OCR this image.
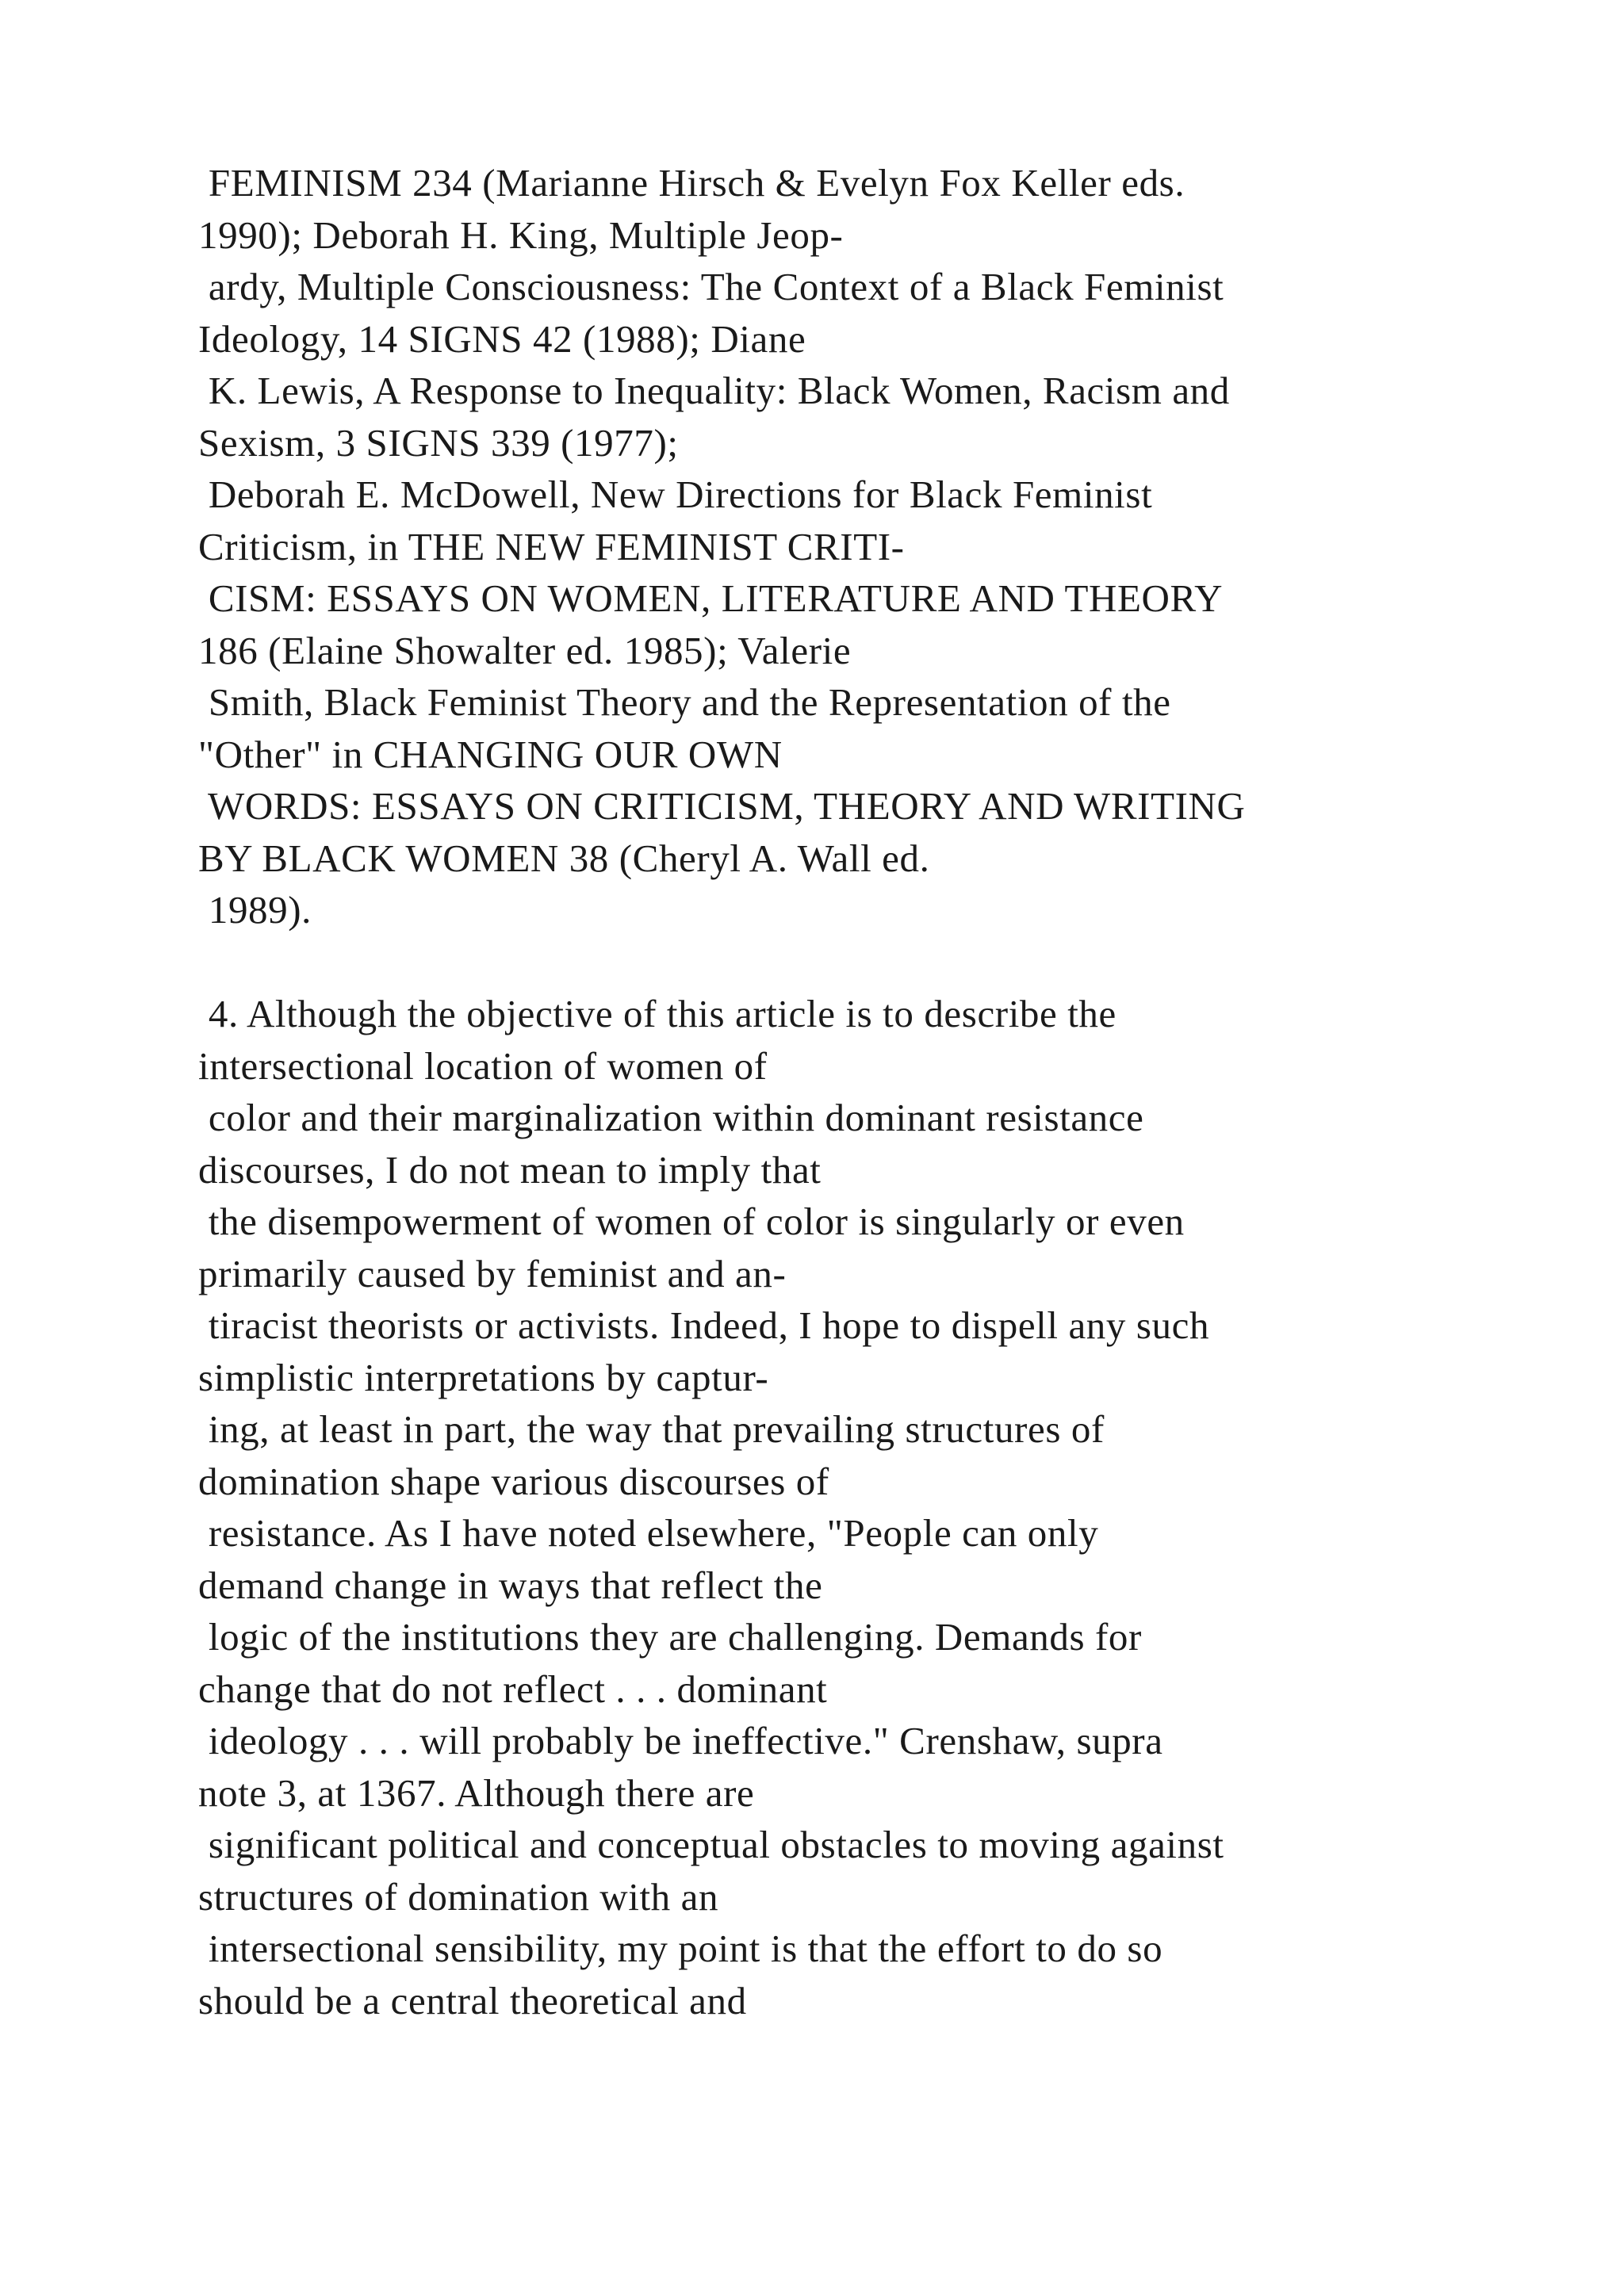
FEMINISM 234 (Marianne Hirsch & Evelyn Fox Keller eds.
1990); Deborah H. King, Multiple Jeop-
ardy, Multiple Consciousness: The Context of a Black Feminist
Ideology, 14 SIGNS 42 (1988); Diane
K. Lewis, A Response to Inequality: Black Women, Racism and
Sexism, 3 SIGNS 339 (1977);
Deborah E. McDowell, New Directions for Black Feminist
Criticism, in THE NEW FEMINIST CRITI-
CISM: ESSAYS ON WOMEN, LITERATURE AND THEORY
186 (Elaine Showalter ed. 1985); Valerie
Smith, Black Feminist Theory and the Representation of the
"Other" in CHANGING OUR OWN
WORDS: ESSAYS ON CRITICISM, THEORY AND WRITING
BY BLACK WOMEN 38 (Cheryl A. Wall ed.
1989).
4. Although the objective of this article is to describe the
intersectional location of women of
color and their marginalization within dominant resistance
discourses, I do not mean to imply that
the disempowerment of women of color is singularly or even
primarily caused by feminist and an-
tiracist theorists or activists. Indeed, I hope to dispell any such
simplistic interpretations by captur-
ing, at least in part, the way that prevailing structures of
domination shape various discourses of
resistance. As I have noted elsewhere, "People can only
demand change in ways that reflect the
logic of the institutions they are challenging. Demands for
change that do not reflect . . . dominant
ideology . . . will probably be ineffective." Crenshaw, supra
note 3, at 1367. Although there are
significant political and conceptual obstacles to moving against
structures of domination with an
intersectional sensibility, my point is that the effort to do so
should be a central theoretical and
